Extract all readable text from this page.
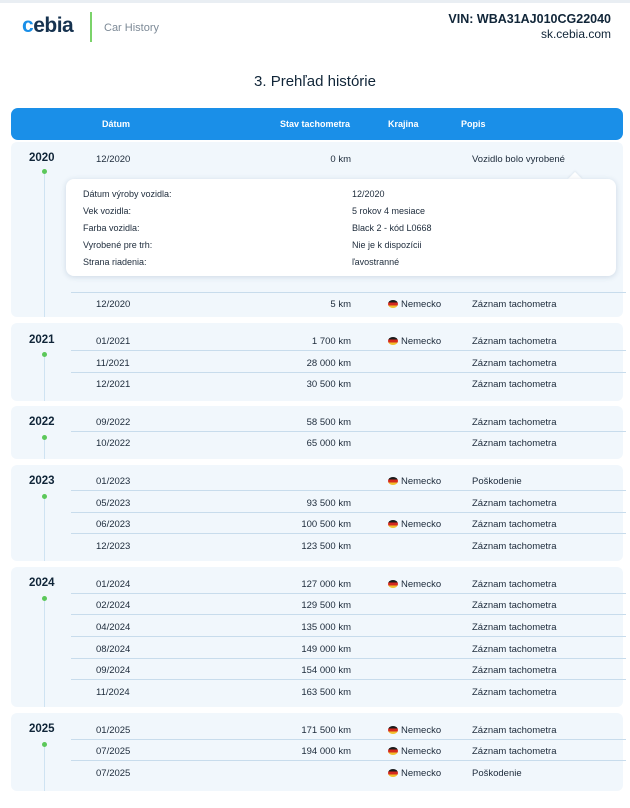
cebia	Car History
VIN: WBA31AJ010CG22040
sk.cebia.com
3. Prehľad histórie
Dátum	Stav tachometra	Krajina	Popis
2020	12/2020	0 km	Vozidlo bolo vyrobené
12/2020	5 km	Nemecko	Záznam tachometra
Dátum výroby vozidla:	12/2020
Vek vozidla:	5 rokov 4 mesiace
Farba vozidla:	Black 2 - kód L0668
Vyrobené pre trh:	Nie je k dispozícii
Strana riadenia:	ľavostranné
2021	01/2021	1 700 km	Nemecko	Záznam tachometra
11/2021	28 000 km	Záznam tachometra
12/2021	30 500 km	Záznam tachometra
2022	09/2022	58 500 km	Záznam tachometra
10/2022	65 000 km	Záznam tachometra
2023	01/2023	Nemecko	Poškodenie
05/2023	93 500 km	Záznam tachometra
06/2023	100 500 km	Nemecko	Záznam tachometra
12/2023	123 500 km	Záznam tachometra
2024	01/2024	127 000 km	Nemecko	Záznam tachometra
02/2024	129 500 km	Záznam tachometra
04/2024	135 000 km	Záznam tachometra
08/2024	149 000 km	Záznam tachometra
09/2024	154 000 km	Záznam tachometra
11/2024	163 500 km	Záznam tachometra
2025	01/2025	171 500 km	Nemecko	Záznam tachometra
07/2025	194 000 km	Nemecko	Záznam tachometra
07/2025	Nemecko	Poškodenie
